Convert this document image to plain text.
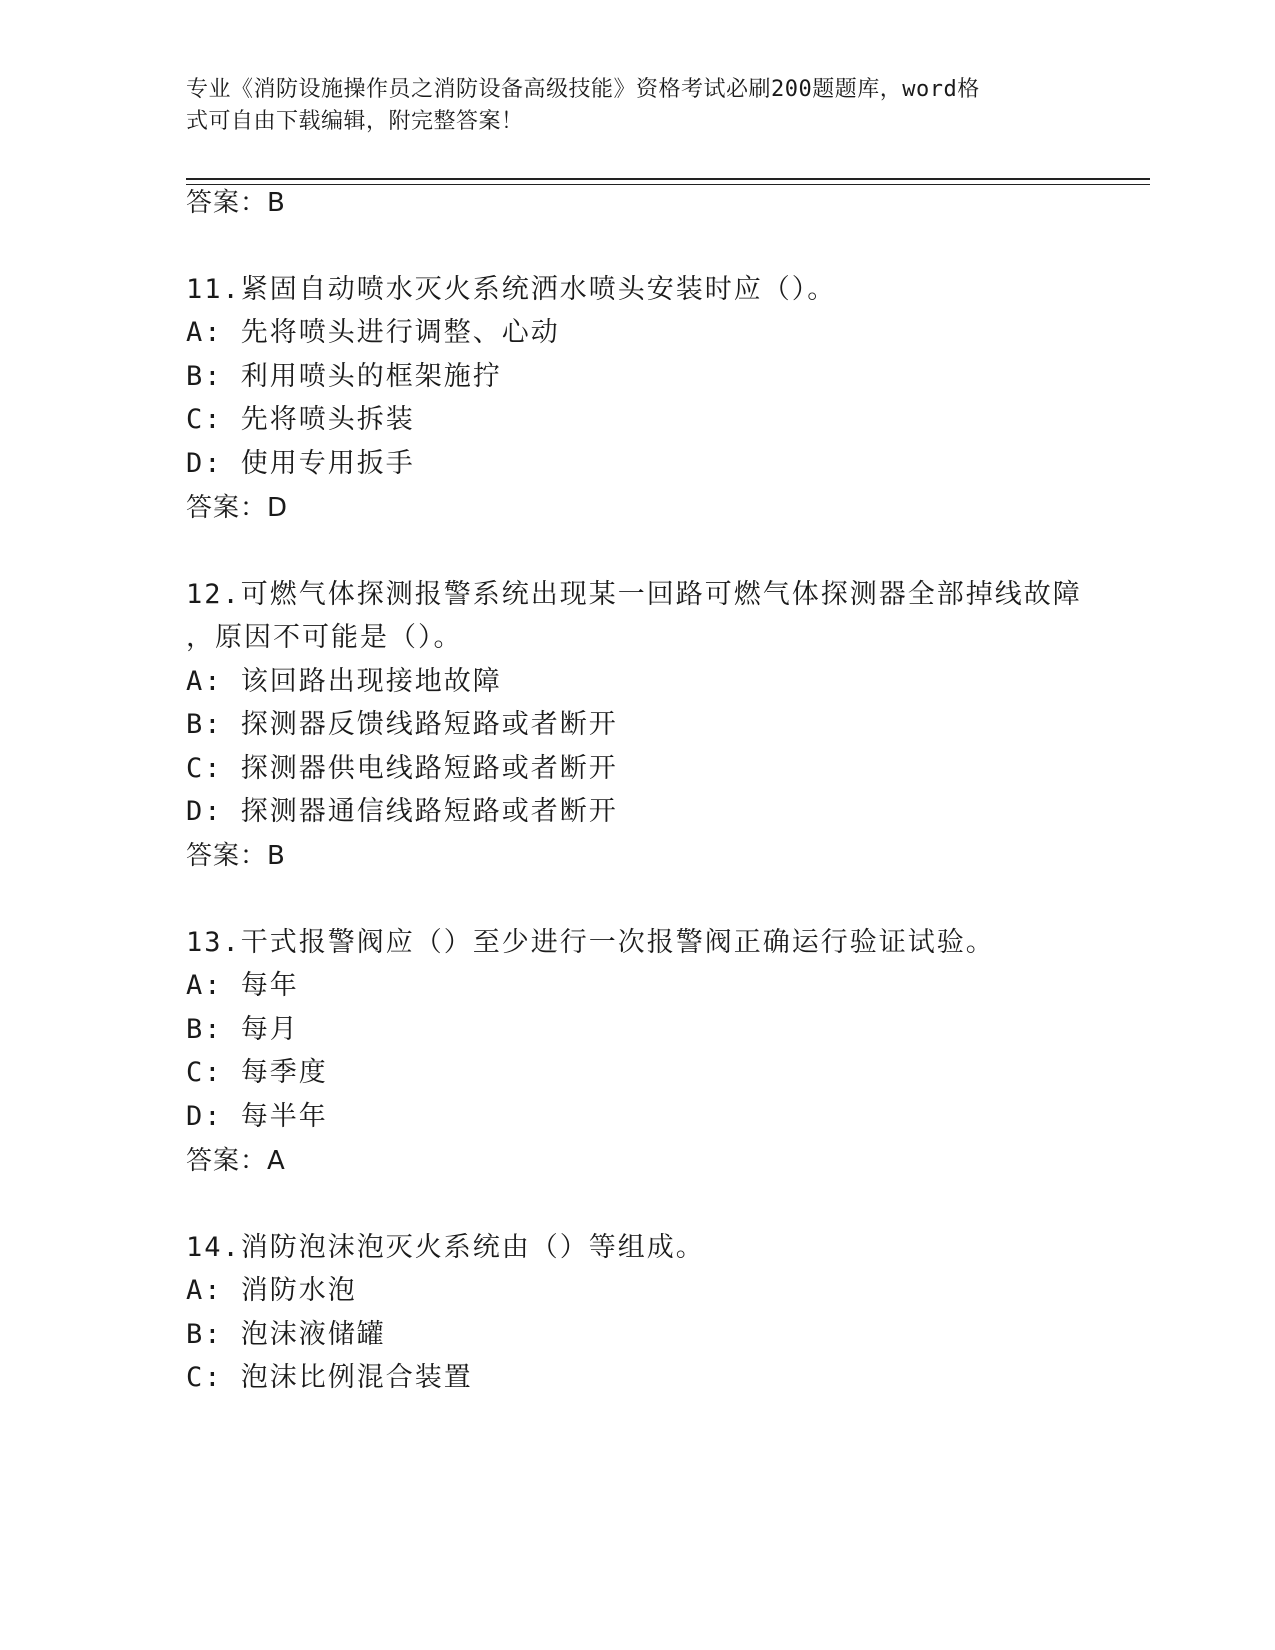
专业《消防设施操作员之消防设备高级技能》资格考试必刷200题题库，word格
式可自由下载编辑，附完整答案！
答案：B
11.紧固自动喷水灭火系统洒水喷头安装时应（）。
A: 先将喷头进行调整、心动
B: 利用喷头的框架施拧
C: 先将喷头拆装
D: 使用专用扳手
答案：D
12.可燃气体探测报警系统出现某一回路可燃气体探测器全部掉线故障
，原因不可能是（）。
A: 该回路出现接地故障
B: 探测器反馈线路短路或者断开
C: 探测器供电线路短路或者断开
D: 探测器通信线路短路或者断开
答案：B
13.干式报警阀应（）至少进行一次报警阀正确运行验证试验。
A: 每年
B: 每月
C: 每季度
D: 每半年
答案：A
14.消防泡沫泡灭火系统由（）等组成。
A: 消防水泡
B: 泡沫液储罐
C: 泡沫比例混合装置
